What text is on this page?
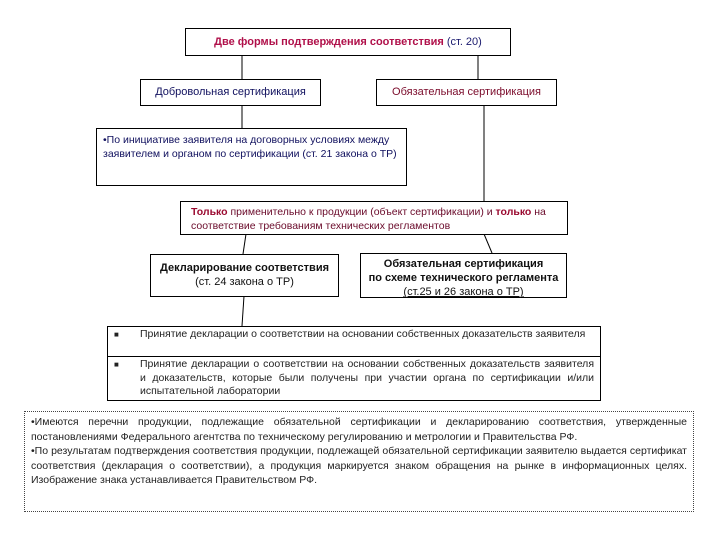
Две формы подтверждения соответствия (ст. 20)
Добровольная сертификация	Обязательная сертификация
•По инициативе заявителя на договорных условиях между заявителем и органом по сертификации (ст. 21 закона о ТР)
Только применительно к продукции (объект сертификации) и только на соответствие требованиям технических регламентов
Декларирование соответствия
(ст. 24 закона о ТР)
Обязательная сертификация
по схеме технического регламента
(ст.25 и 26 закона о ТР)
■	Принятие декларации о соответствии на основании собственных доказательств заявителя
■	Принятие декларации о соответствии на основании собственных доказательств заявителя и доказательств, которые были получены при участии органа по сертификации и/или испытательной лаборатории
•Имеются перечни продукции, подлежащие обязательной сертификации и декларированию соответствия, утвержденные постановлениями Федерального агентства по техническому регулированию и метрологии и Правительства РФ.
•По результатам подтверждения соответствия продукции, подлежащей обязательной сертификации заявителю выдается сертификат соответствия (декларация о соответствии), а продукция маркируется знаком обращения на рынке в информационных целях. Изображение знака устанавливается Правительством РФ.
